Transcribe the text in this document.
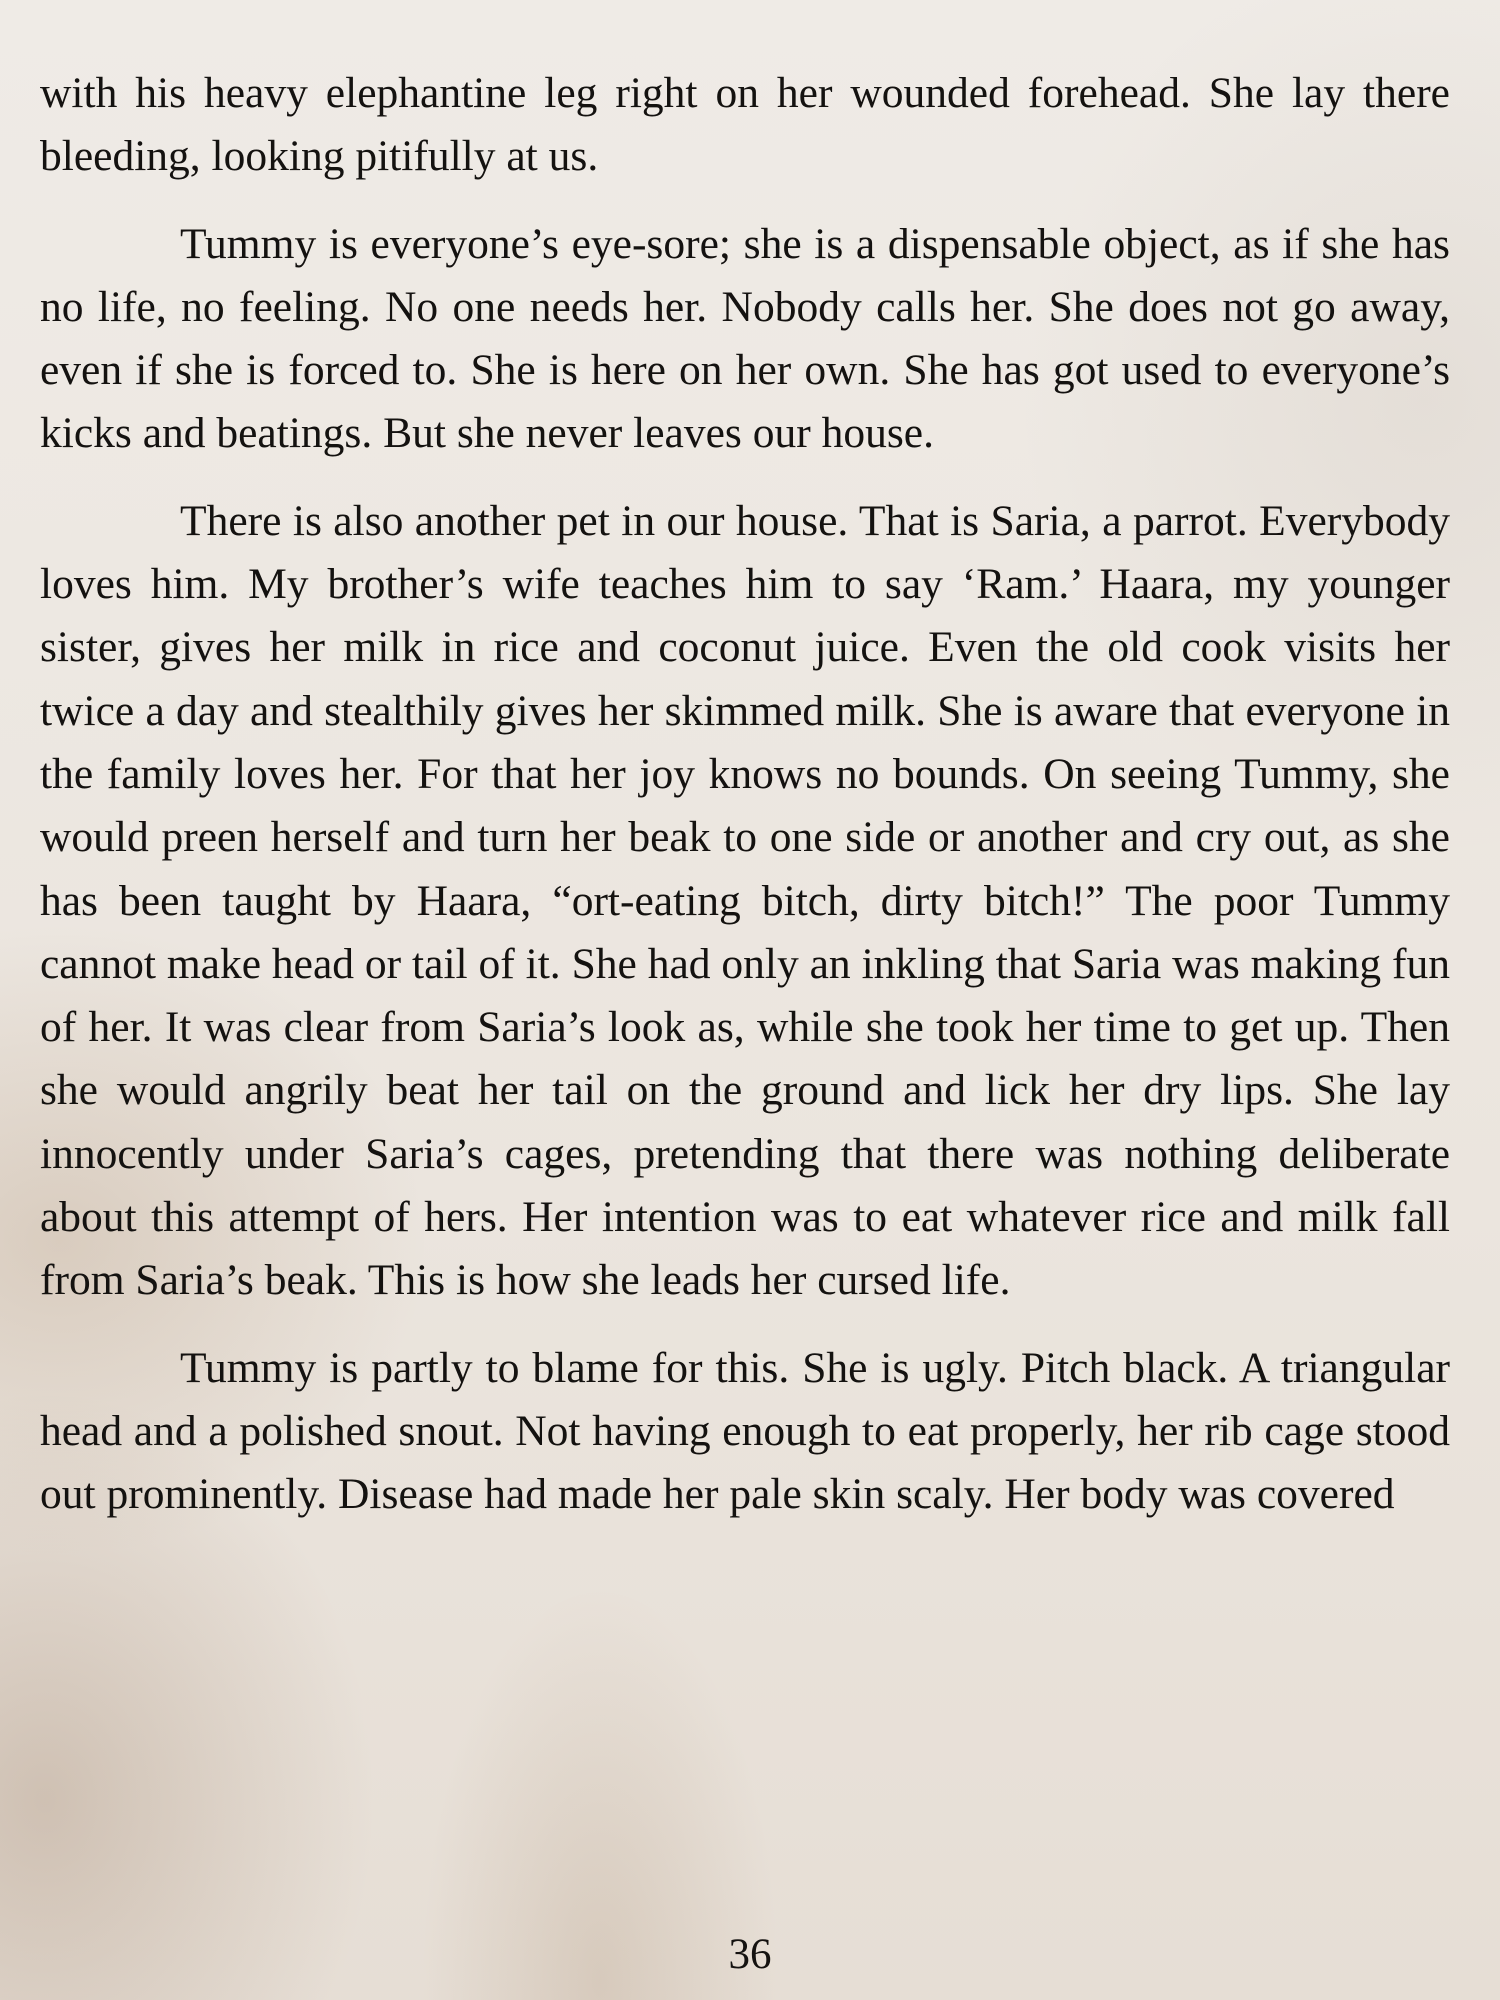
with his heavy elephantine leg right on her wounded forehead. She lay there bleeding, looking pitifully at us.

Tummy is everyone’s eye-sore; she is a dispensable object, as if she has no life, no feeling. No one needs her. Nobody calls her. She does not go away, even if she is forced to. She is here on her own. She has got used to everyone’s kicks and beatings. But she never leaves our house.

There is also another pet in our house. That is Saria, a parrot. Everybody loves him. My brother’s wife teaches him to say ‘Ram.’ Haara, my younger sister, gives her milk in rice and coconut juice. Even the old cook visits her twice a day and stealthily gives her skimmed milk. She is aware that everyone in the family loves her. For that her joy knows no bounds. On seeing Tummy, she would preen herself and turn her beak to one side or another and cry out, as she has been taught by Haara, “ort-eating bitch, dirty bitch!” The poor Tummy cannot make head or tail of it. She had only an inkling that Saria was making fun of her. It was clear from Saria’s look as, while she took her time to get up. Then she would angrily beat her tail on the ground and lick her dry lips. She lay innocently under Saria’s cages, pretending that there was nothing deliberate about this attempt of hers. Her intention was to eat whatever rice and milk fall from Saria’s beak. This is how she leads her cursed life.

Tummy is partly to blame for this. She is ugly. Pitch black. A triangular head and a polished snout. Not having enough to eat properly, her rib cage stood out prominently. Disease had made her pale skin scaly. Her body was covered

36
